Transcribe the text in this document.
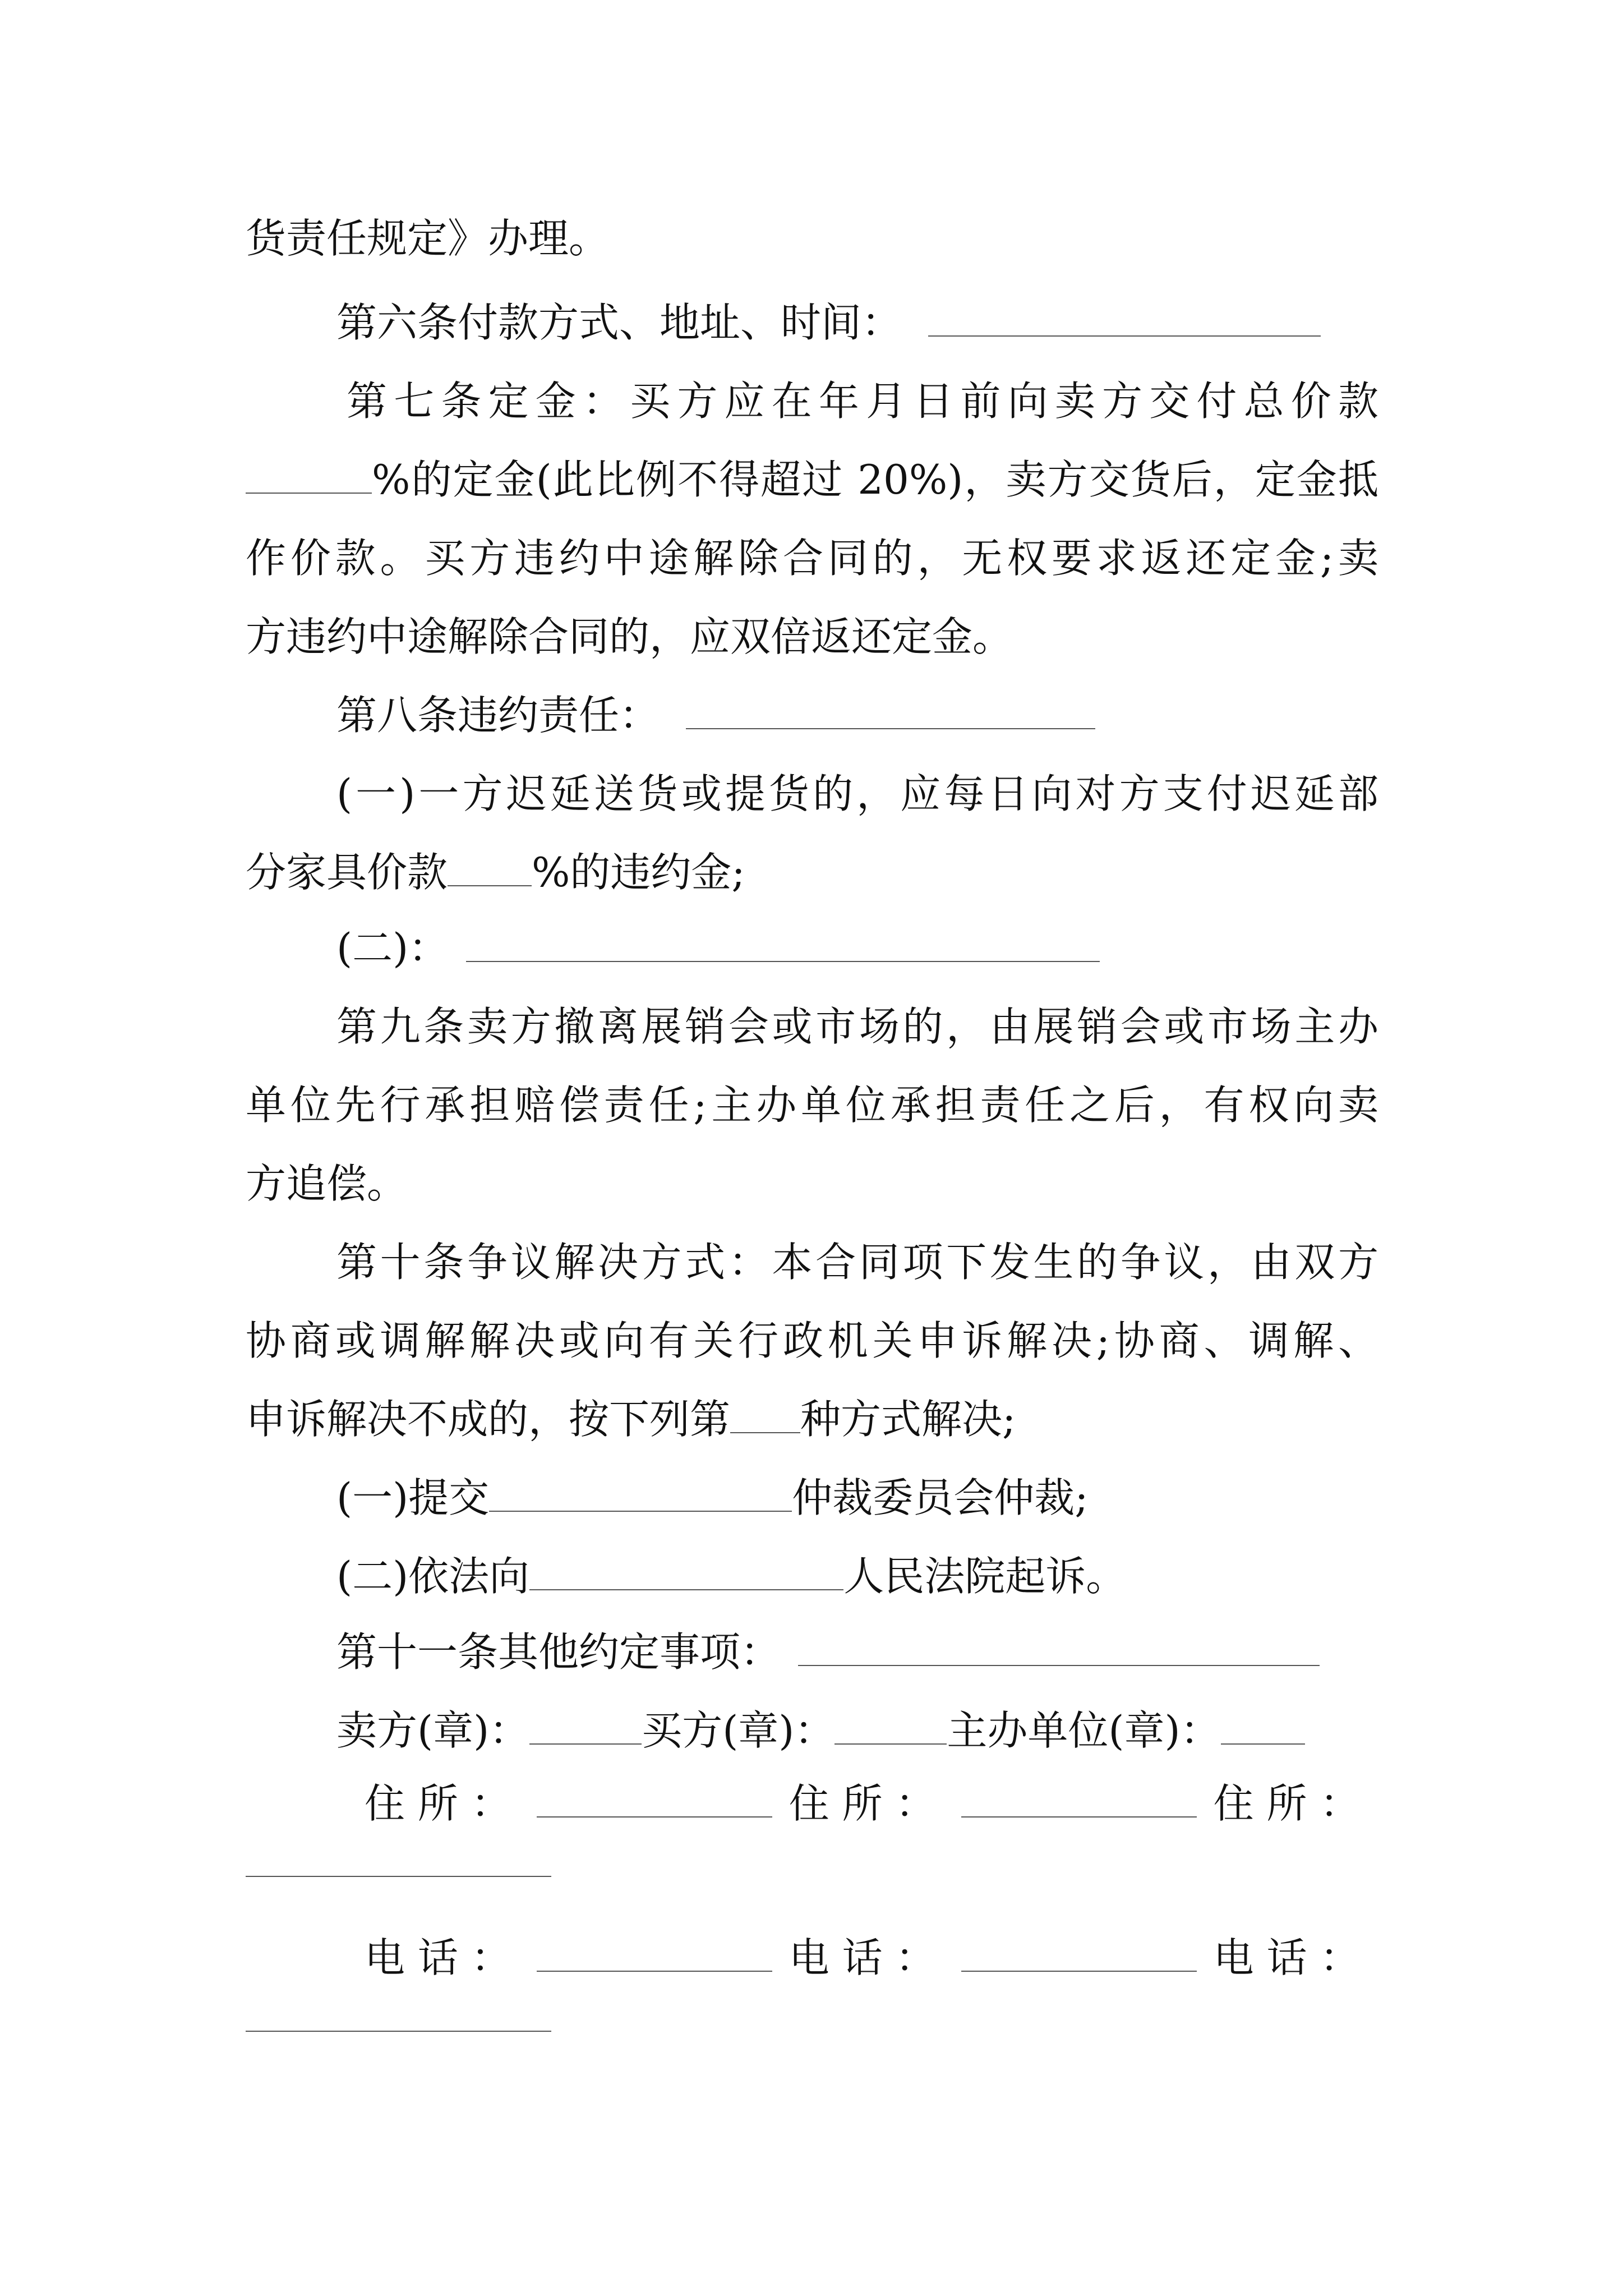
货责任规定》办理。
第六条付款方式、地址、时间：
第七条定金：买方应在年月日前向卖方交付总价款
%的定金(此比例不得超过 20%)，卖方交货后，定金抵
作价款。买方违约中途解除合同的，无权要求返还定金;卖
方违约中途解除合同的，应双倍返还定金。
第八条违约责任：
(一)一方迟延送货或提货的，应每日向对方支付迟延部
分家具价款 %的违约金;
(二)：
第九条卖方撤离展销会或市场的，由展销会或市场主办
单位先行承担赔偿责任;主办单位承担责任之后，有权向卖
方追偿。
第十条争议解决方式：本合同项下发生的争议，由双方
协商或调解解决或向有关行政机关申诉解决;协商、调解、
申诉解决不成的，按下列第 种方式解决;
(一)提交	仲裁委员会仲裁;
(二)依法向	人民法院起诉。
第十一条其他约定事项：
卖方(章)：	买方(章)：	主办单位(章)：
住 所 ：	住 所 ：	住 所 ：
电 话 ：	电 话 ：	电 话 ：
